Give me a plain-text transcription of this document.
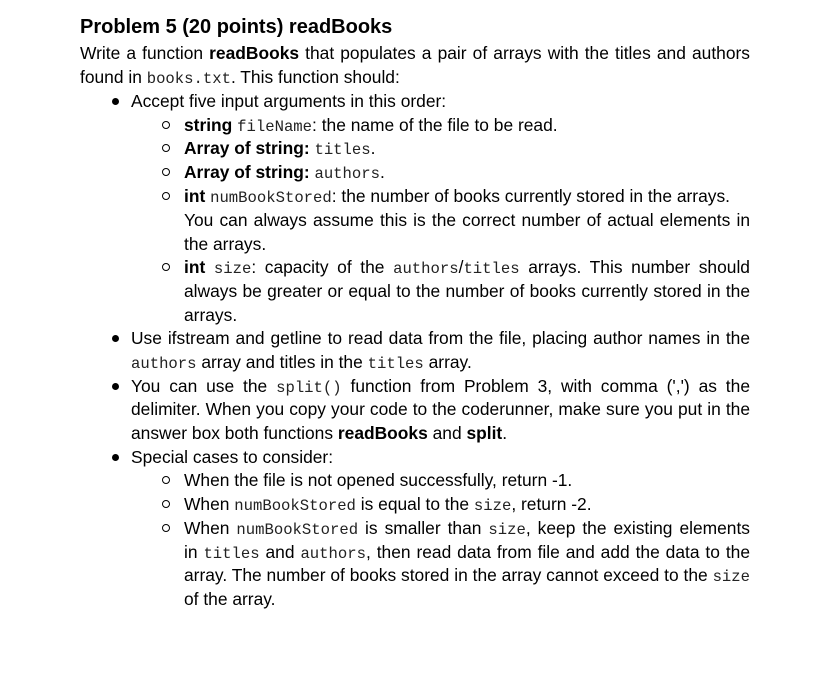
Problem 5 (20 points) readBooks
Write a function readBooks that populates a pair of arrays with the titles and authors
found in books.txt. This function should:
Accept five input arguments in this order:
string fileName: the name of the file to be read.
Array of string: titles.
Array of string: authors.
int numBookStored: the number of books currently stored in the arrays.
You can always assume this is the correct number of actual elements in
the arrays.
int size: capacity of the authors/titles arrays. This number should
always be greater or equal to the number of books currently stored in the
arrays.
Use ifstream and getline to read data from the file, placing author names in the
authors array and titles in the titles array.
You can use the split() function from Problem 3, with comma (',') as the
delimiter. When you copy your code to the coderunner, make sure you put in the
answer box both functions readBooks and split.
Special cases to consider:
When the file is not opened successfully, return -1.
When numBookStored is equal to the size, return -2.
When numBookStored is smaller than size, keep the existing elements
in titles and authors, then read data from file and add the data to the
array. The number of books stored in the array cannot exceed to the size
of the array.
